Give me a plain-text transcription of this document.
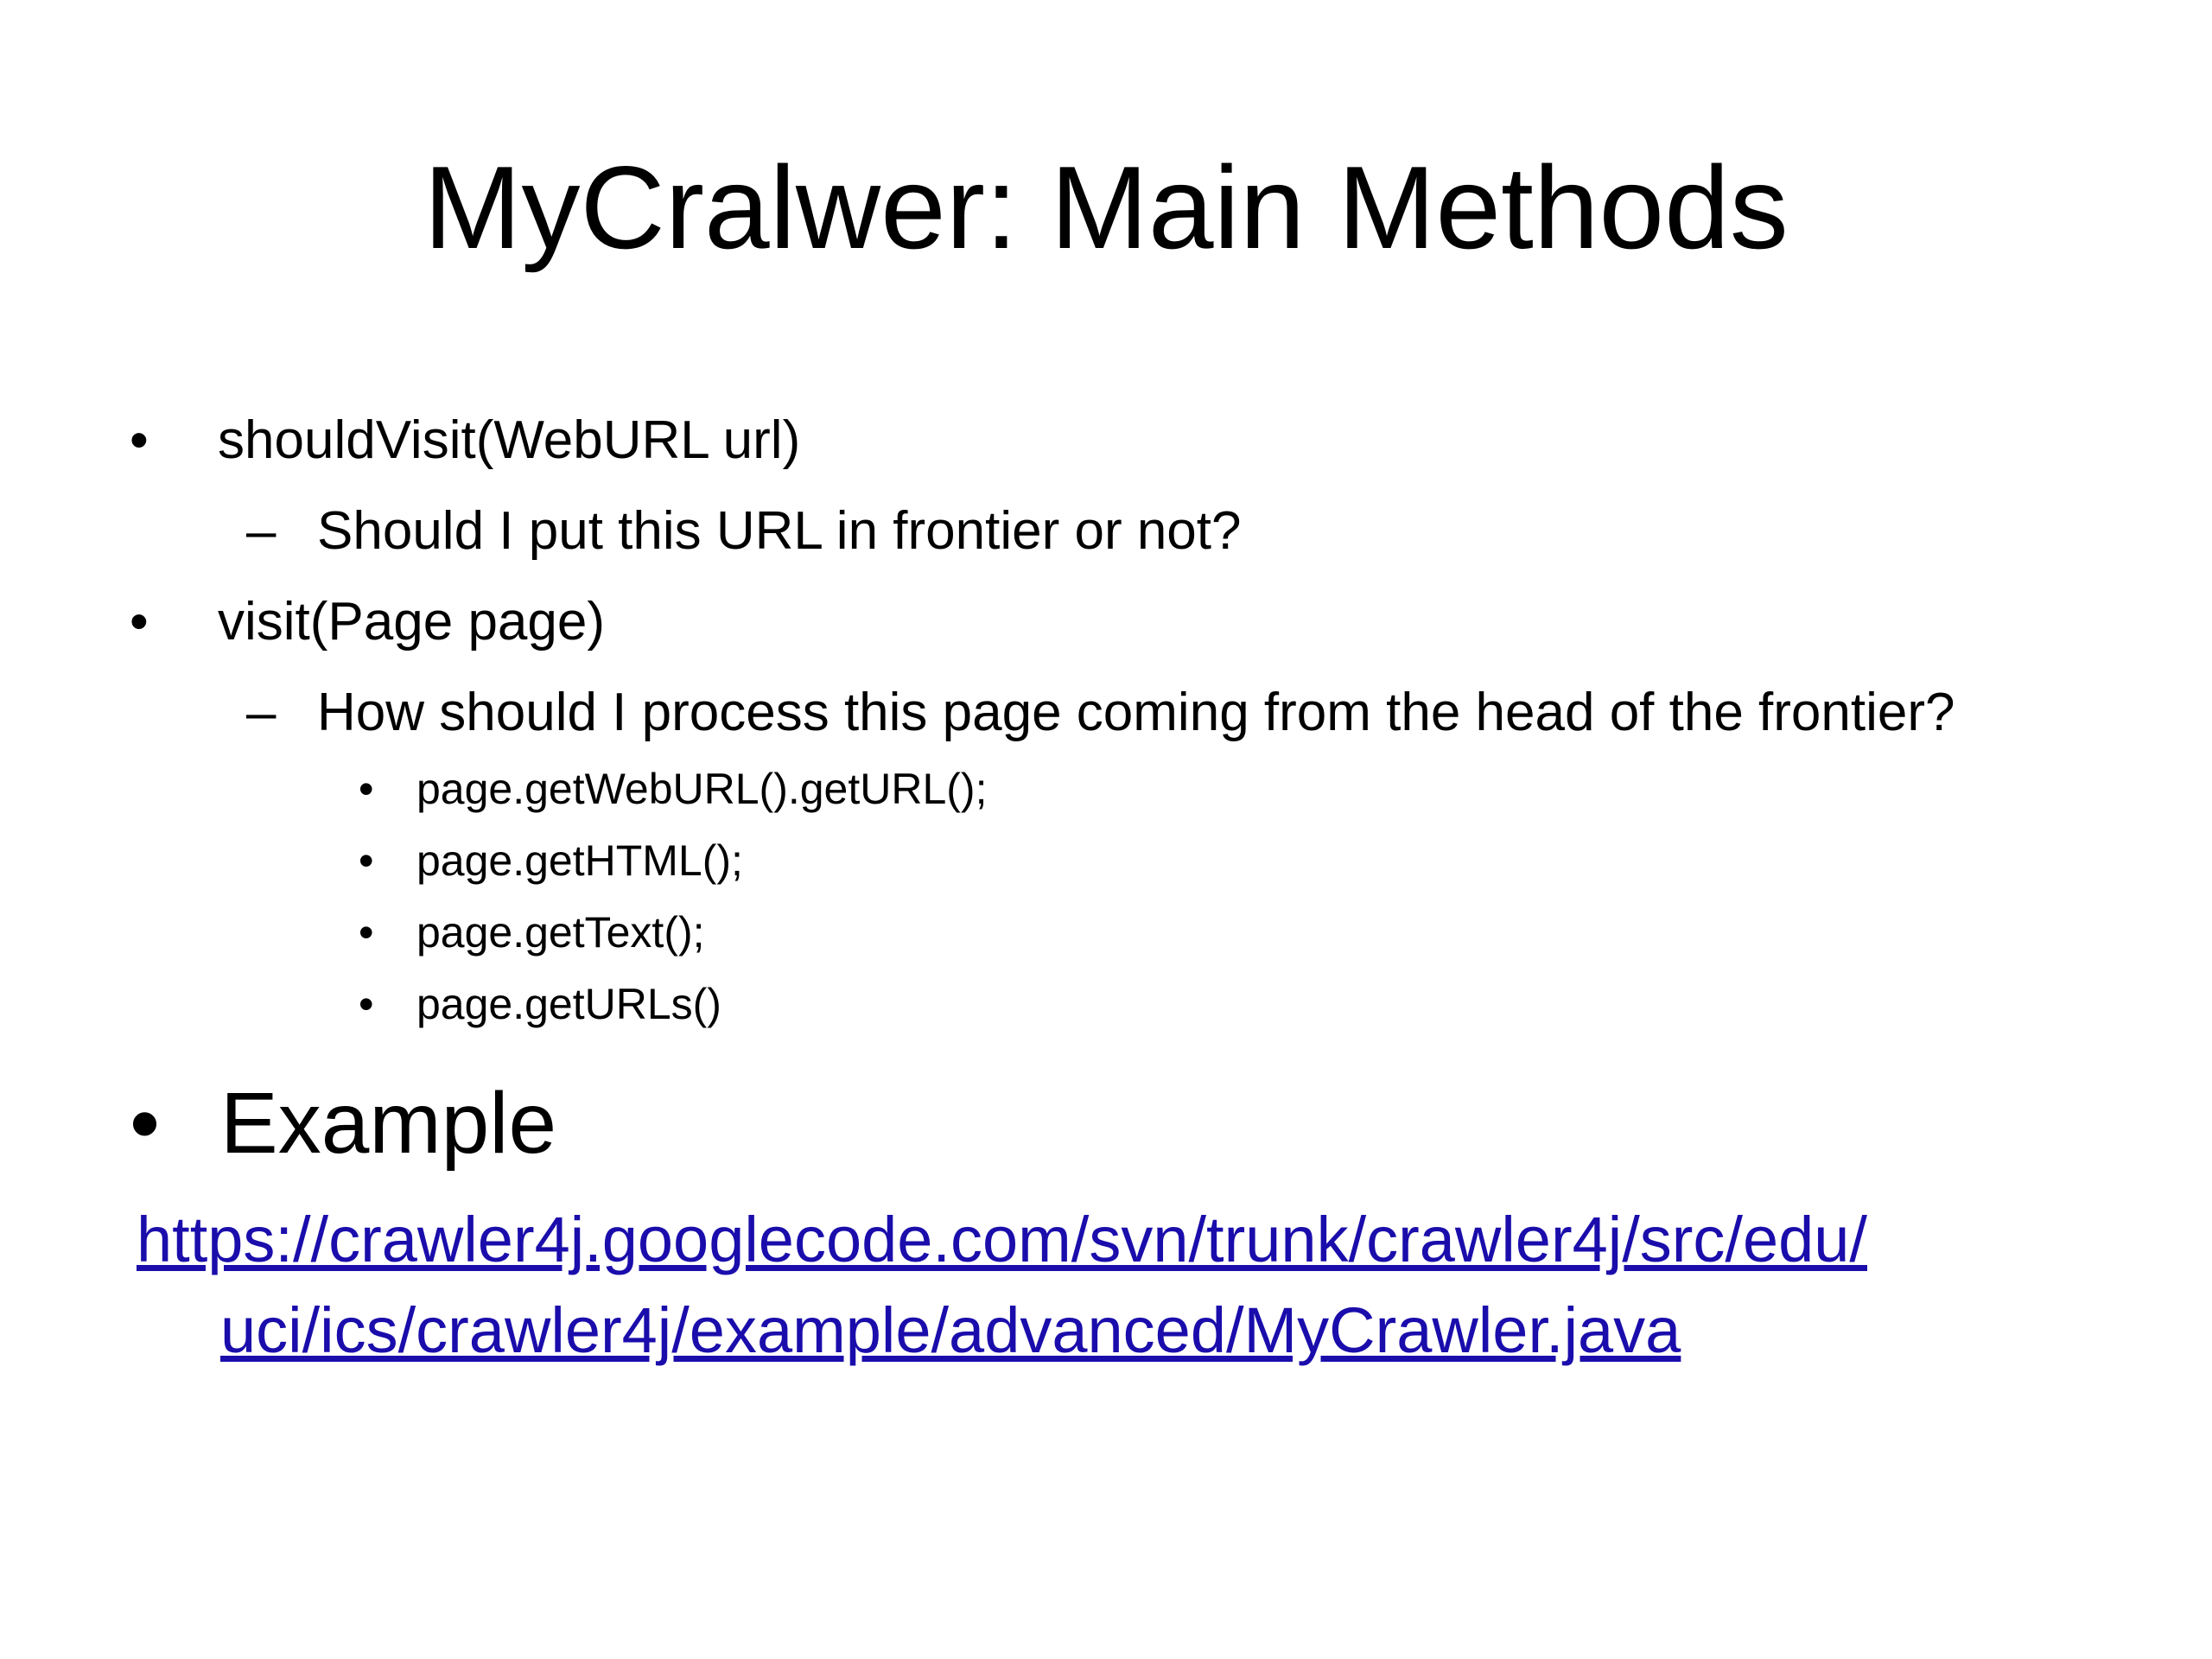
MyCralwer: Main Methods
• shouldVisit(WebURL url)
– Should I put this URL in frontier or not?
• visit(Page page)
– How should I process this page coming from the head of the frontier?
• page.getWebURL().getURL();
• page.getHTML();
• page.getText();
• page.getURLs()
• Example
https://crawler4j.googlecode.com/svn/trunk/crawler4j/src/edu/
uci/ics/crawler4j/example/advanced/MyCrawler.java
